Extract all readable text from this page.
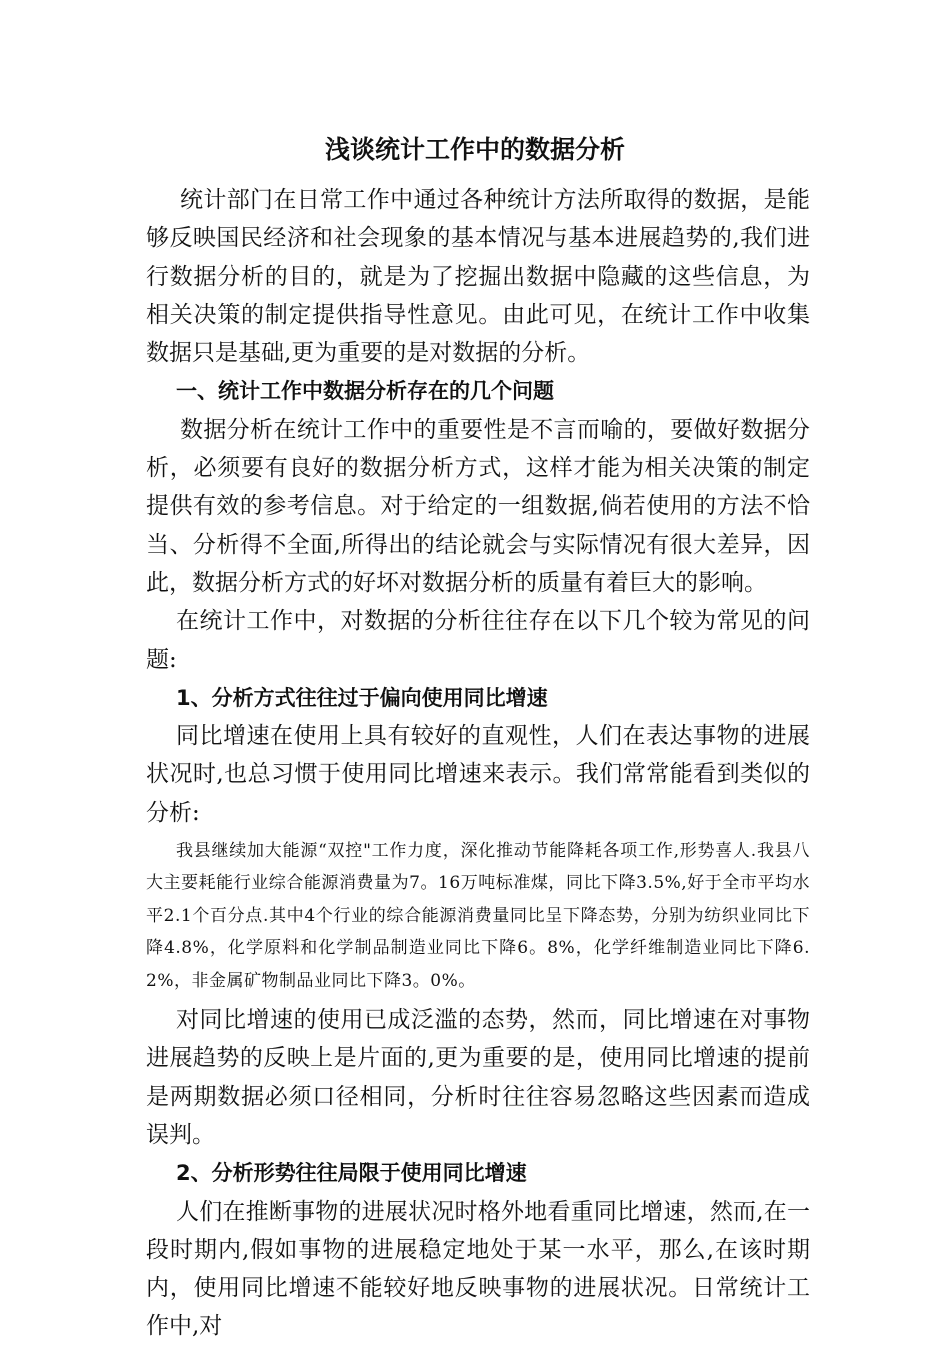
浅谈统计工作中的数据分析

统计部门在日常工作中通过各种统计方法所取得的数据，是能够反映国民经济和社会现象的基本情况与基本进展趋势的,我们进行数据分析的目的，就是为了挖掘出数据中隐藏的这些信息，为相关决策的制定提供指导性意见。由此可见，在统计工作中收集数据只是基础,更为重要的是对数据的分析。

一、统计工作中数据分析存在的几个问题

数据分析在统计工作中的重要性是不言而喻的，要做好数据分析，必须要有良好的数据分析方式，这样才能为相关决策的制定提供有效的参考信息。对于给定的一组数据,倘若使用的方法不恰当、分析得不全面,所得出的结论就会与实际情况有很大差异，因此，数据分析方式的好坏对数据分析的质量有着巨大的影响。

在统计工作中，对数据的分析往往存在以下几个较为常见的问题:

1、分析方式往往过于偏向使用同比增速

同比增速在使用上具有较好的直观性，人们在表达事物的进展状况时,也总习惯于使用同比增速来表示。我们常常能看到类似的分析:

我县继续加大能源“双控"工作力度，深化推动节能降耗各项工作,形势喜人.我县八大主要耗能行业综合能源消费量为7。16万吨标准煤，同比下降3.5%,好于全市平均水平2.1个百分点.其中4个行业的综合能源消费量同比呈下降态势，分别为纺织业同比下降4.8%，化学原料和化学制品制造业同比下降6。8%，化学纤维制造业同比下降6.2%，非金属矿物制品业同比下降3。0%。

对同比增速的使用已成泛滥的态势，然而，同比增速在对事物进展趋势的反映上是片面的,更为重要的是，使用同比增速的提前是两期数据必须口径相同，分析时往往容易忽略这些因素而造成误判。

2、分析形势往往局限于使用同比增速

人们在推断事物的进展状况时格外地看重同比增速，然而,在一段时期内,假如事物的进展稳定地处于某一水平，那么,在该时期内，使用同比增速不能较好地反映事物的进展状况。日常统计工作中,对
